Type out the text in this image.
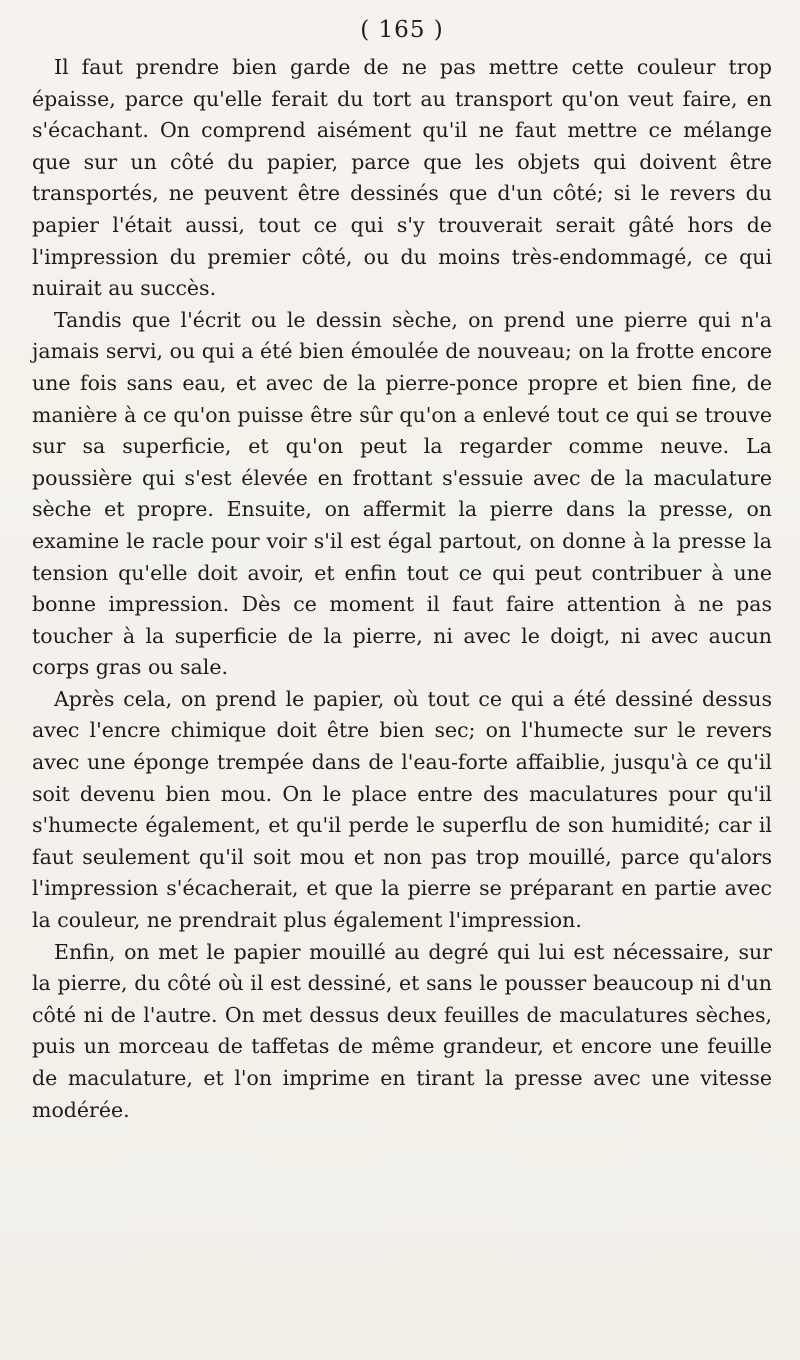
( 165 )

Il faut prendre bien garde de ne pas mettre cette couleur trop épaisse, parce qu'elle ferait du tort au transport qu'on veut faire, en s'écachant. On comprend aisément qu'il ne faut mettre ce mélange que sur un côté du papier, parce que les objets qui doivent être transportés, ne peuvent être dessinés que d'un côté; si le revers du papier l'était aussi, tout ce qui s'y trouverait serait gâté hors de l'impression du premier côté, ou du moins très-endommagé, ce qui nuirait au succès.

Tandis que l'écrit ou le dessin sèche, on prend une pierre qui n'a jamais servi, ou qui a été bien émoulée de nouveau; on la frotte encore une fois sans eau, et avec de la pierre-ponce propre et bien fine, de manière à ce qu'on puisse être sûr qu'on a enlevé tout ce qui se trouve sur sa superficie, et qu'on peut la regarder comme neuve. La poussière qui s'est élevée en frottant s'essuie avec de la maculature sèche et propre. Ensuite, on affermit la pierre dans la presse, on examine le racle pour voir s'il est égal partout, on donne à la presse la tension qu'elle doit avoir, et enfin tout ce qui peut contribuer à une bonne impression. Dès ce moment il faut faire attention à ne pas toucher à la superficie de la pierre, ni avec le doigt, ni avec aucun corps gras ou sale.

Après cela, on prend le papier, où tout ce qui a été dessiné dessus avec l'encre chimique doit être bien sec; on l'humecte sur le revers avec une éponge trempée dans de l'eau-forte affaiblie, jusqu'à ce qu'il soit devenu bien mou. On le place entre des maculatures pour qu'il s'humecte également, et qu'il perde le superflu de son humidité; car il faut seulement qu'il soit mou et non pas trop mouillé, parce qu'alors l'impression s'écacherait, et que la pierre se préparant en partie avec la couleur, ne prendrait plus également l'impression.

Enfin, on met le papier mouillé au degré qui lui est nécessaire, sur la pierre, du côté où il est dessiné, et sans le pousser beaucoup ni d'un côté ni de l'autre. On met dessus deux feuilles de maculatures sèches, puis un morceau de taffetas de même grandeur, et encore une feuille de maculature, et l'on imprime en tirant la presse avec une vitesse modérée.
